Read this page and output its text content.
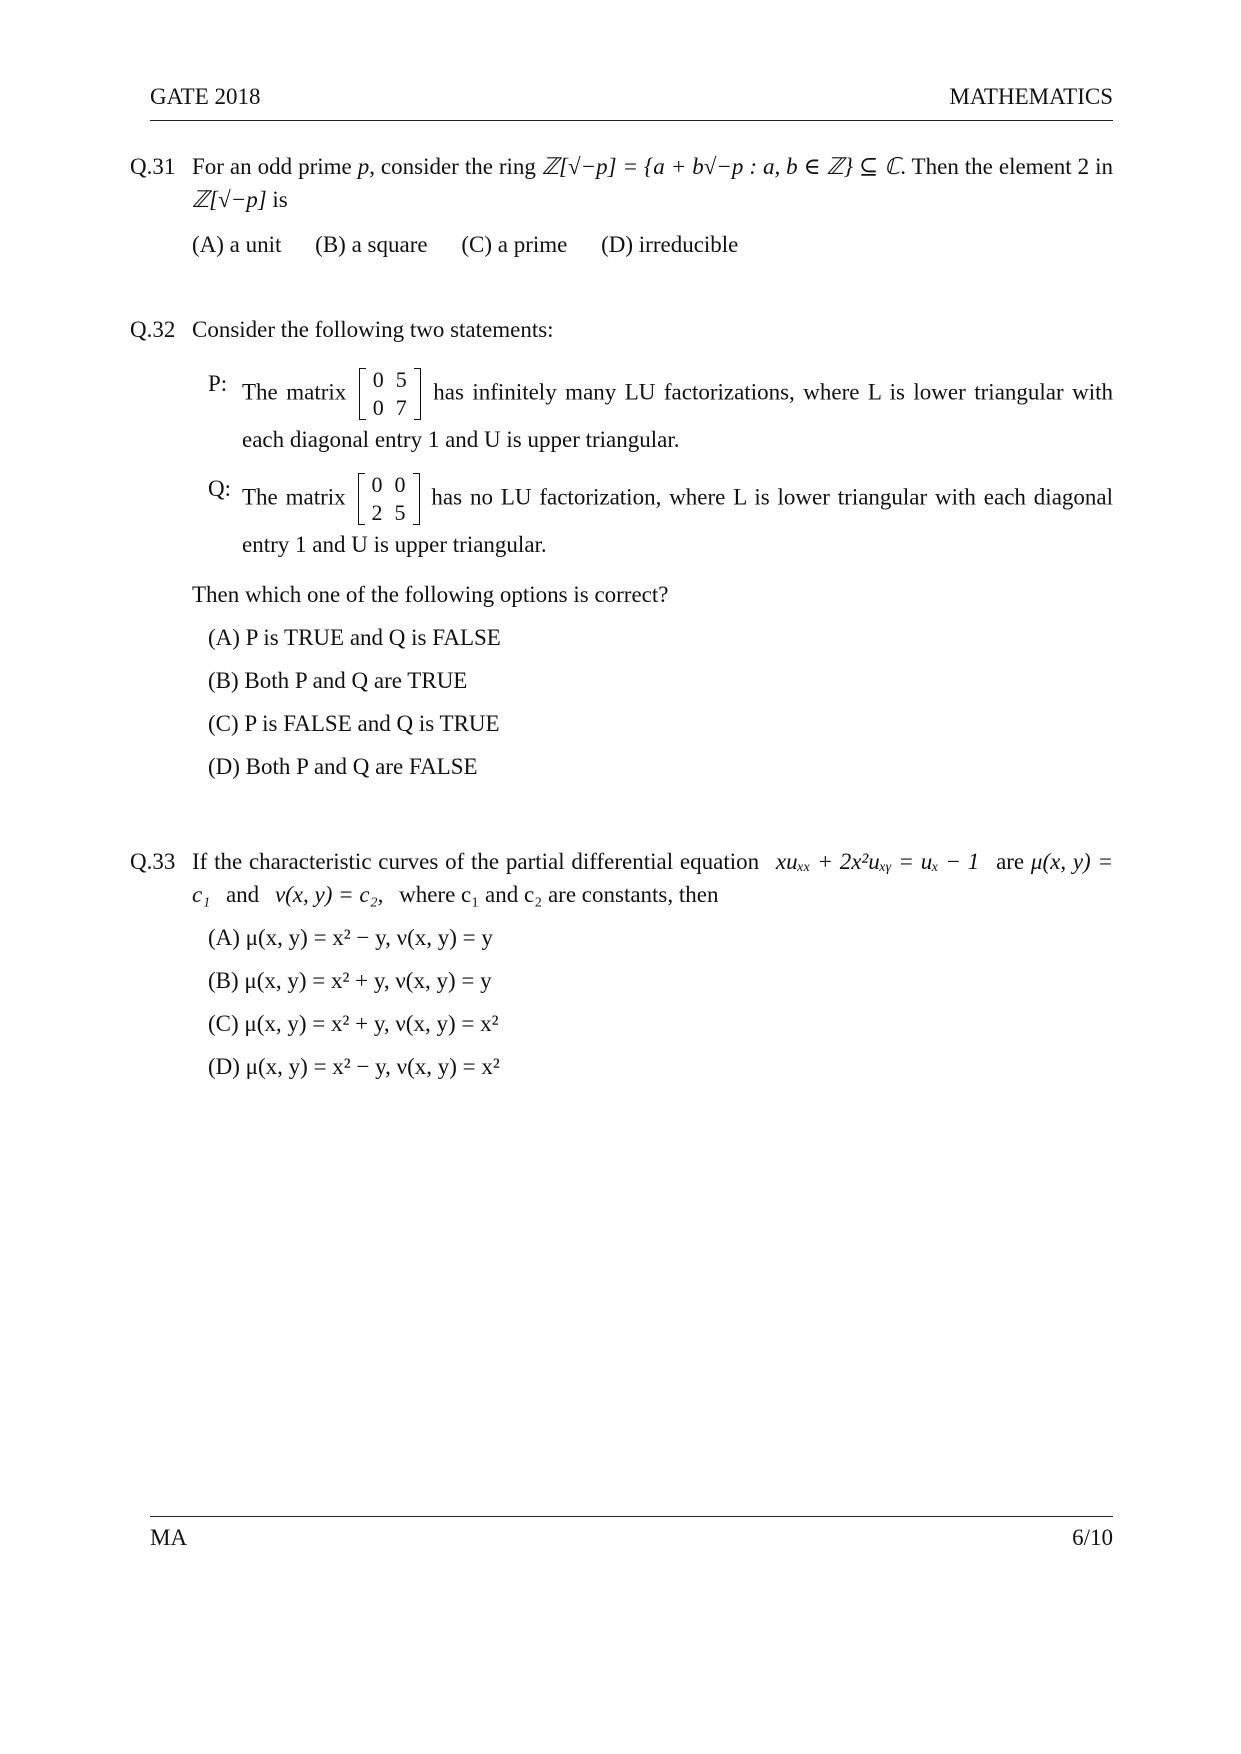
GATE 2018	MATHEMATICS
Q.31 For an odd prime p, consider the ring ℤ[√−p] = {a + b√−p : a, b ∈ ℤ} ⊆ ℂ. Then the element 2 in ℤ[√−p] is
(A) a unit (B) a square (C) a prime (D) irreducible
Q.32 Consider the following two statements:
P: The matrix 0	5
0	7
has infinitely many LU factorizations, where L is lower triangular with each diagonal entry 1 and U is upper triangular.
Q: The matrix 0	0
2	5
has no LU factorization, where L is lower triangular with each diagonal entry 1 and U is upper triangular.
Then which one of the following options is correct?
(A) P is TRUE and Q is FALSE
(B) Both P and Q are TRUE
(C) P is FALSE and Q is TRUE
(D) Both P and Q are FALSE
Q.33 If the characteristic curves of the partial differential equation xuₓₓ + 2x²uₓᵧ = uₓ − 1 are μ(x, y) = c₁ and ν(x, y) = c₂, where c₁ and c₂ are constants, then
(A) μ(x, y) = x² − y, ν(x, y) = y
(B) μ(x, y) = x² + y, ν(x, y) = y
(C) μ(x, y) = x² + y, ν(x, y) = x²
(D) μ(x, y) = x² − y, ν(x, y) = x²
MA	6/10
